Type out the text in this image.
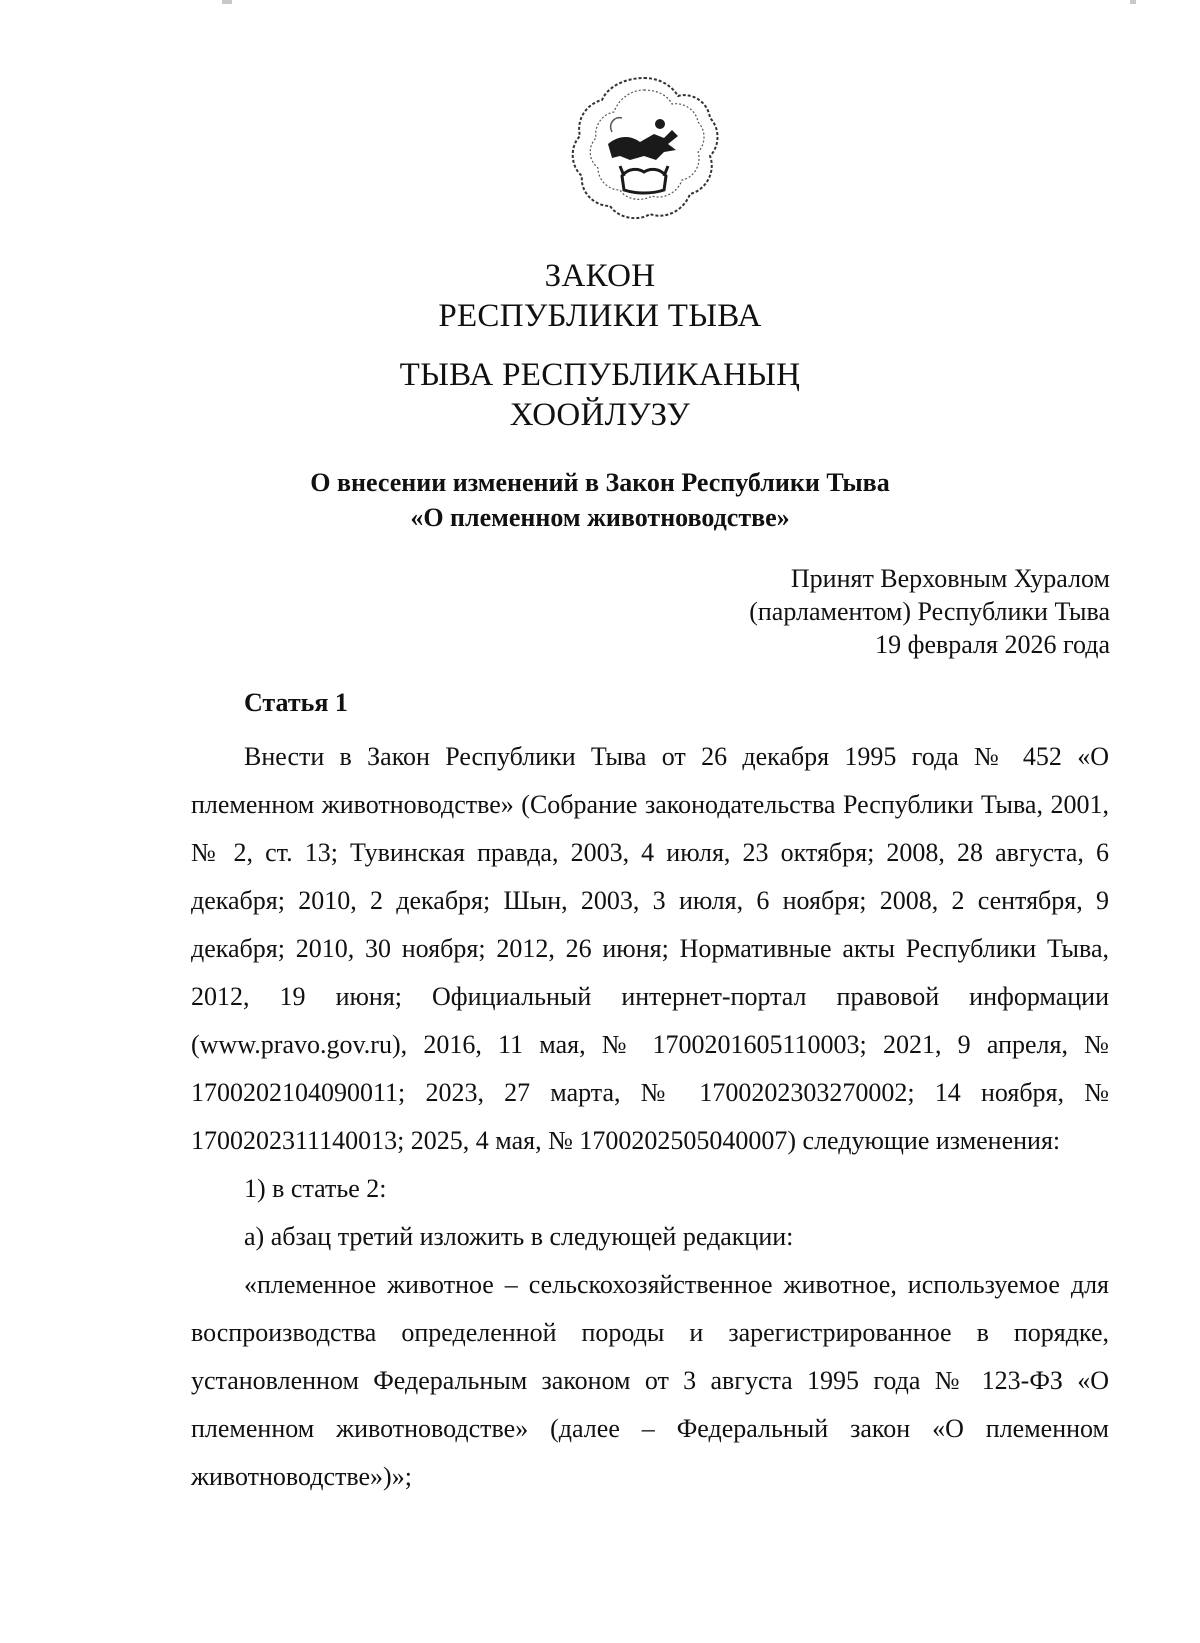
ЗАКОН
РЕСПУБЛИКИ ТЫВА
ТЫВА РЕСПУБЛИКАНЫҢ
ХООЙЛУЗУ
О внесении изменений в Закон Республики Тыва
«О племенном животноводстве»
Принят Верховным Хуралом
(парламентом) Республики Тыва
19 февраля 2026 года
Статья 1

Внести в Закон Республики Тыва от 26 декабря 1995 года № 452 «О племенном животноводстве» (Собрание законодательства Республики Тыва, 2001, № 2, ст. 13; Тувинская правда, 2003, 4 июля, 23 октября; 2008, 28 августа, 6 декабря; 2010, 2 декабря; Шын, 2003, 3 июля, 6 ноября; 2008, 2 сентября, 9 декабря; 2010, 30 ноября; 2012, 26 июня; Нормативные акты Республики Тыва, 2012, 19 июня; Официальный интернет-портал правовой информации (www.pravo.gov.ru), 2016, 11 мая, № 1700201605110003; 2021, 9 апреля, № 1700202104090011; 2023, 27 марта, № 1700202303270002; 14 ноября, № 1700202311140013; 2025, 4 мая, № 1700202505040007) следующие изменения:

1) в статье 2:

а) абзац третий изложить в следующей редакции:

«племенное животное – сельскохозяйственное животное, используемое для воспроизводства определенной породы и зарегистрированное в порядке, установленном Федеральным законом от 3 августа 1995 года № 123-ФЗ «О племенном животноводстве» (далее – Федеральный закон «О племенном животноводстве»)»;
